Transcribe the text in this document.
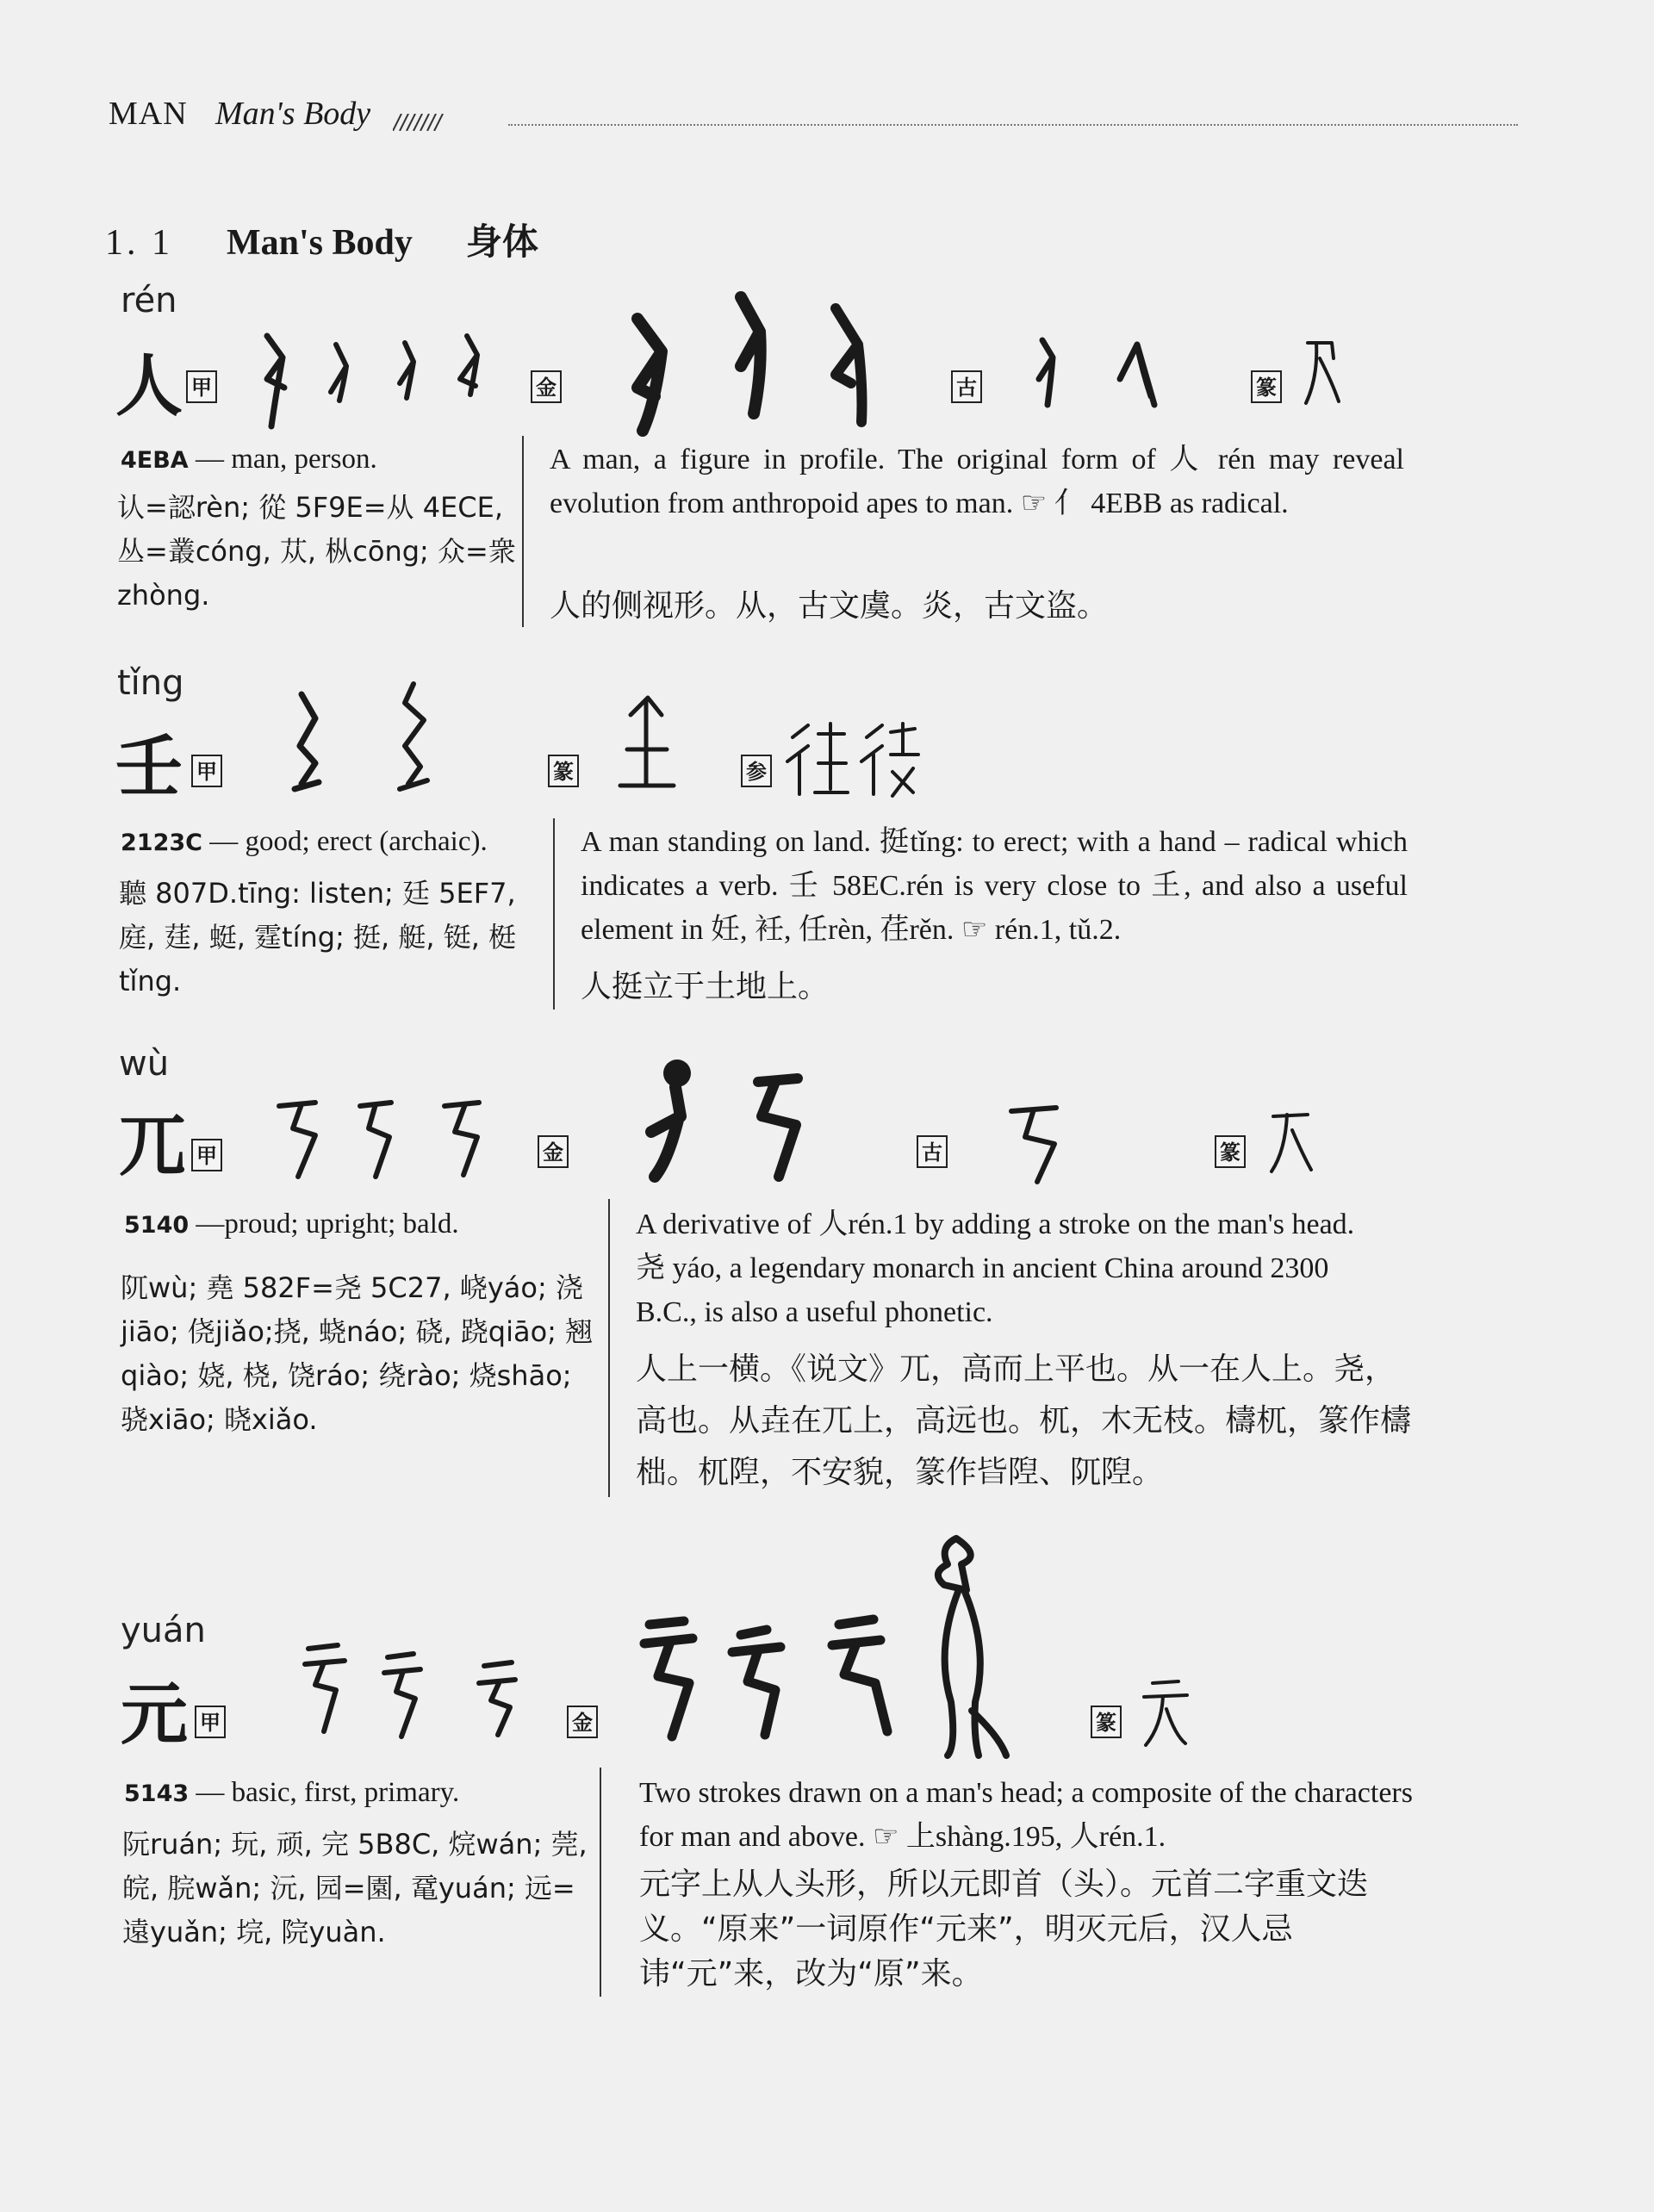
MAN Man's Body
1. 1 Man's Body 身体
rén
人 甲	金	古	篆
4EBA — man, person.
认=認rèn; 從 5F9E=从 4ECE, 丛=叢cóng, 苁, 枞cōng; 众=衆zhòng.
A man, a figure in profile. The original form of 人 rén may reveal evolution from anthropoid apes to man. ☞ 亻 4EBB as radical.
人的侧视形。从，古文虞。炎，古文盗。
tǐng
壬 甲	篆	参
2123C — good; erect (archaic).
聽 807D.tīng: listen; 廷 5EF7, 庭, 莛, 蜓, 霆tíng; 挺, 艇, 铤, 梃tǐng.
A man standing on land. 挺tǐng: to erect; with a hand – radical which indicates a verb. 壬 58EC.rén is very close to 𡈼, and also a useful element in 妊, 衽, 任rèn, 荏rěn. ☞ rén.1, tǔ.2.
人挺立于土地上。
wù
兀 甲	金	古	篆
5140 —proud; upright; bald.
阢wù; 堯 582F=尧 5C27, 峣yáo; 浇jiāo; 侥jiǎo;挠, 蛲náo; 硗, 跷qiāo; 翘qiào; 娆, 桡, 饶ráo; 绕rào; 烧shāo; 骁xiāo; 晓xiǎo.
A derivative of 人rén.1 by adding a stroke on the man's head. 尧 yáo, a legendary monarch in ancient China around 2300 B.C., is also a useful phonetic.
人上一横。《说文》兀，高而上平也。从一在人上。尧，高也。从垚在兀上，高远也。杌，木无枝。檮杌，篆作檮柮。杌隉，不安貌，篆作𣅜隉、阢隉。
yuán
元 甲	金	篆
5143 — basic, first, primary.
阮ruán; 玩, 顽, 完 5B8C, 烷wán; 莞, 皖, 脘wǎn; 沅, 园=園, 鼋yuán; 远=遠yuǎn; 垸, 院yuàn.
Two strokes drawn on a man's head; a composite of the characters for man and above. ☞ 上shàng.195, 人rén.1.
元字上从人头形，所以元即首（头）。元首二字重文迭义。“原来”一词原作“元来”，明灭元后，汉人忌讳“元”来，改为“原”来。
